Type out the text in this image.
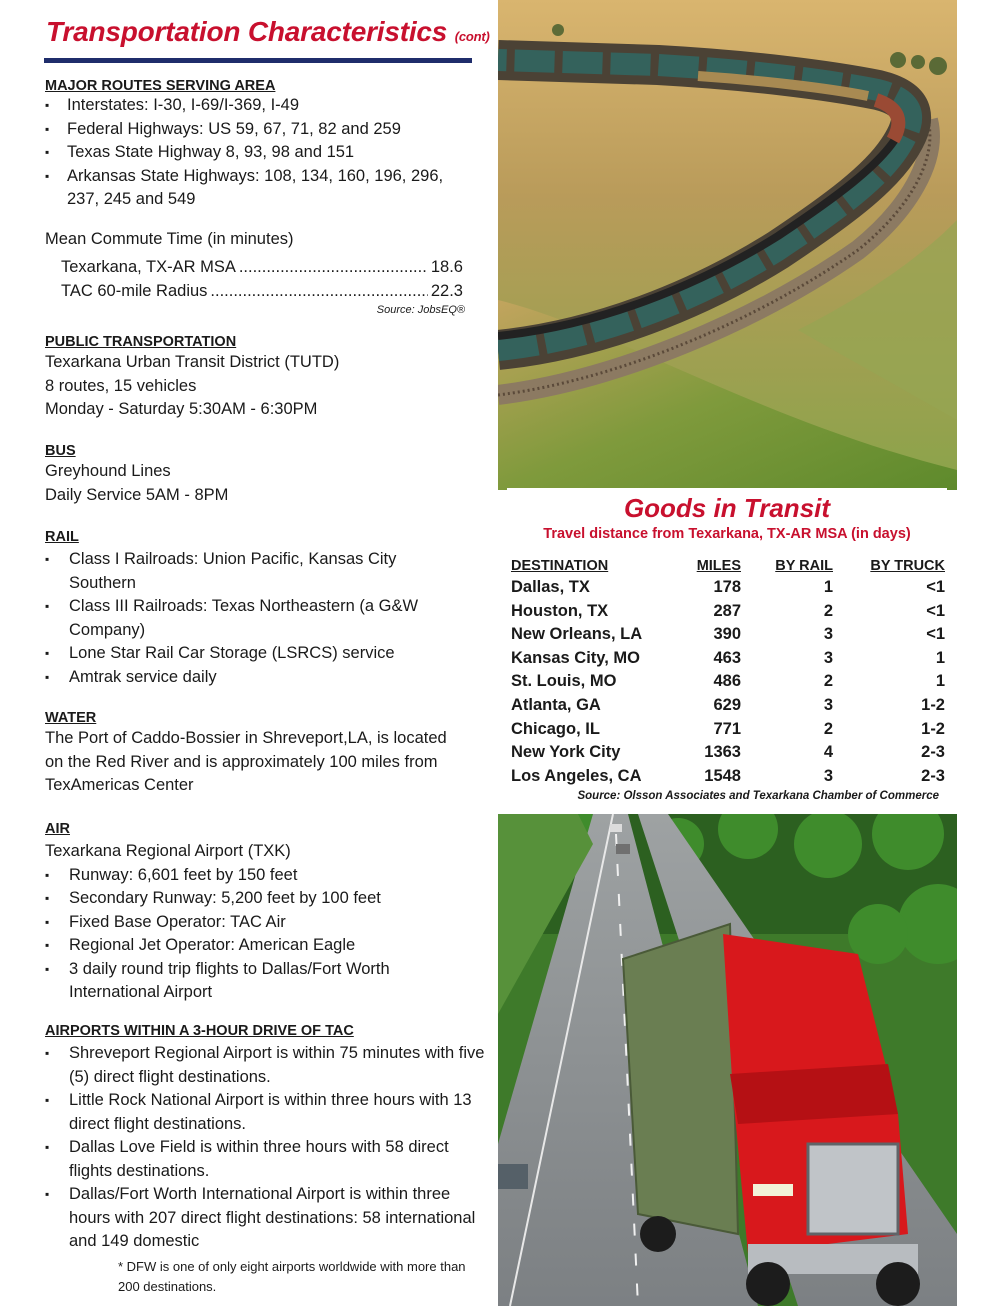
Transportation Characteristics (cont)
MAJOR ROUTES SERVING AREA
▪ Interstates: I-30, I-69/I-369, I-49
▪ Federal Highways: US 59, 67, 71, 82 and 259
▪ Texas State Highway 8, 93, 98 and 151
▪ Arkansas State Highways: 108, 134, 160, 196, 296, 237, 245 and 549
Mean Commute Time (in minutes)
Texarkana, TX-AR MSA .....	18.6
TAC 60-mile Radius .....	22.3
Source: JobsEQ®
PUBLIC TRANSPORTATION
Texarkana Urban Transit District (TUTD)
8 routes, 15 vehicles
Monday - Saturday 5:30AM - 6:30PM
BUS
Greyhound Lines
Daily Service 5AM - 8PM
RAIL
▪ Class I Railroads: Union Pacific, Kansas City Southern
▪ Class III Railroads: Texas Northeastern (a G&W Company)
▪ Lone Star Rail Car Storage (LSRCS) service
▪ Amtrak service daily
WATER
The Port of Caddo-Bossier in Shreveport,LA, is located on the Red River and is approximately 100 miles from TexAmericas Center
AIR
Texarkana Regional Airport (TXK)
▪ Runway: 6,601 feet by 150 feet
▪ Secondary Runway: 5,200 feet by 100 feet
▪ Fixed Base Operator: TAC Air
▪ Regional Jet Operator: American Eagle
▪ 3 daily round trip flights to Dallas/Fort Worth International Airport
AIRPORTS WITHIN A 3-HOUR DRIVE OF TAC
▪ Shreveport Regional Airport is within 75 minutes with five (5) direct flight destinations.
▪ Little Rock National Airport is within three hours with 13 direct flight destinations.
▪ Dallas Love Field is within three hours with 58 direct flights destinations.
▪ Dallas/Fort Worth International Airport is within three hours with 207 direct flight destinations: 58 international and 149 domestic
* DFW is one of only eight airports worldwide with more than 200 destinations.
Goods in Transit
Travel distance from Texarkana, TX-AR MSA (in days)
DESTINATION	MILES	BY RAIL	BY TRUCK
Dallas, TX	178	1	<1
Houston, TX	287	2	<1
New Orleans, LA	390	3	<1
Kansas City, MO	463	3	1
St. Louis, MO	486	2	1
Atlanta, GA	629	3	1-2
Chicago, IL	771	2	1-2
New York City	1363	4	2-3
Los Angeles, CA	1548	3	2-3
Source: Olsson Associates and Texarkana Chamber of Commerce
